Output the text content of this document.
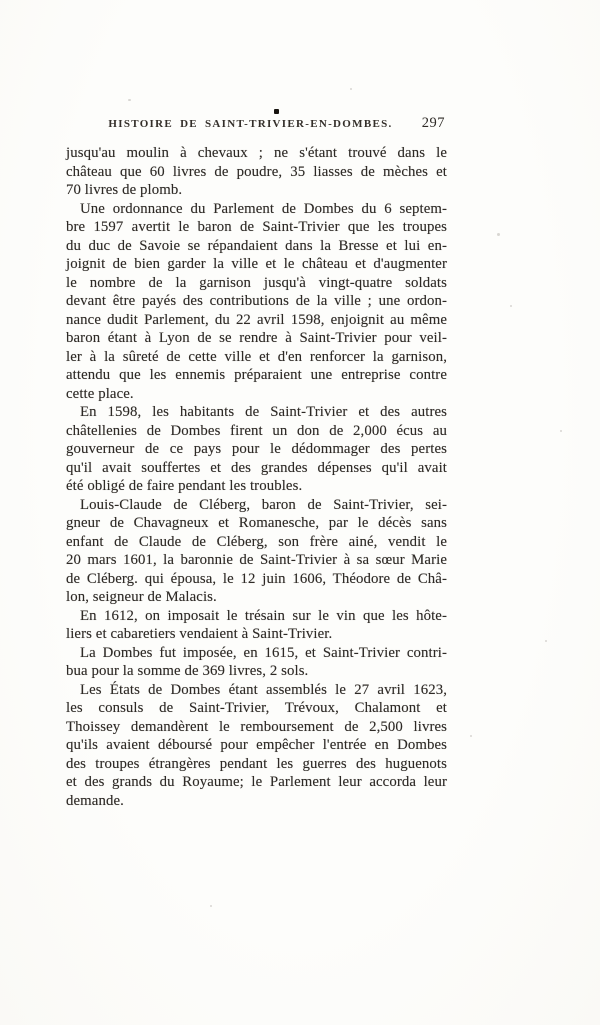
HISTOIRE DE SAINT-TRIVIER-EN-DOMBES.	297

jusqu'au moulin à chevaux ; ne s'étant trouvé dans le
château que 60 livres de poudre, 35 liasses de mèches et
70 livres de plomb.

Une ordonnance du Parlement de Dombes du 6 septem-
bre 1597 avertit le baron de Saint-Trivier que les troupes
du duc de Savoie se répandaient dans la Bresse et lui en-
joignit de bien garder la ville et le château et d'augmenter
le nombre de la garnison jusqu'à vingt-quatre soldats
devant être payés des contributions de la ville ; une ordon-
nance dudit Parlement, du 22 avril 1598, enjoignit au même
baron étant à Lyon de se rendre à Saint-Trivier pour veil-
ler à la sûreté de cette ville et d'en renforcer la garnison,
attendu que les ennemis préparaient une entreprise contre
cette place.

En 1598, les habitants de Saint-Trivier et des autres
châtellenies de Dombes firent un don de 2,000 écus au
gouverneur de ce pays pour le dédommager des pertes
qu'il avait souffertes et des grandes dépenses qu'il avait
été obligé de faire pendant les troubles.

Louis-Claude de Cléberg, baron de Saint-Trivier, sei-
gneur de Chavagneux et Romanesche, par le décès sans
enfant de Claude de Cléberg, son frère ainé, vendit le
20 mars 1601, la baronnie de Saint-Trivier à sa sœur Marie
de Cléberg. qui épousa, le 12 juin 1606, Théodore de Châ-
lon, seigneur de Malacis.

En 1612, on imposait le trésain sur le vin que les hôte-
liers et cabaretiers vendaient à Saint-Trivier.

La Dombes fut imposée, en 1615, et Saint-Trivier contri-
bua pour la somme de 369 livres, 2 sols.

Les États de Dombes étant assemblés le 27 avril 1623,
les consuls de Saint-Trivier, Trévoux, Chalamont et
Thoissey demandèrent le remboursement de 2,500 livres
qu'ils avaient déboursé pour empêcher l'entrée en Dombes
des troupes étrangères pendant les guerres des huguenots
et des grands du Royaume; le Parlement leur accorda leur
demande.
